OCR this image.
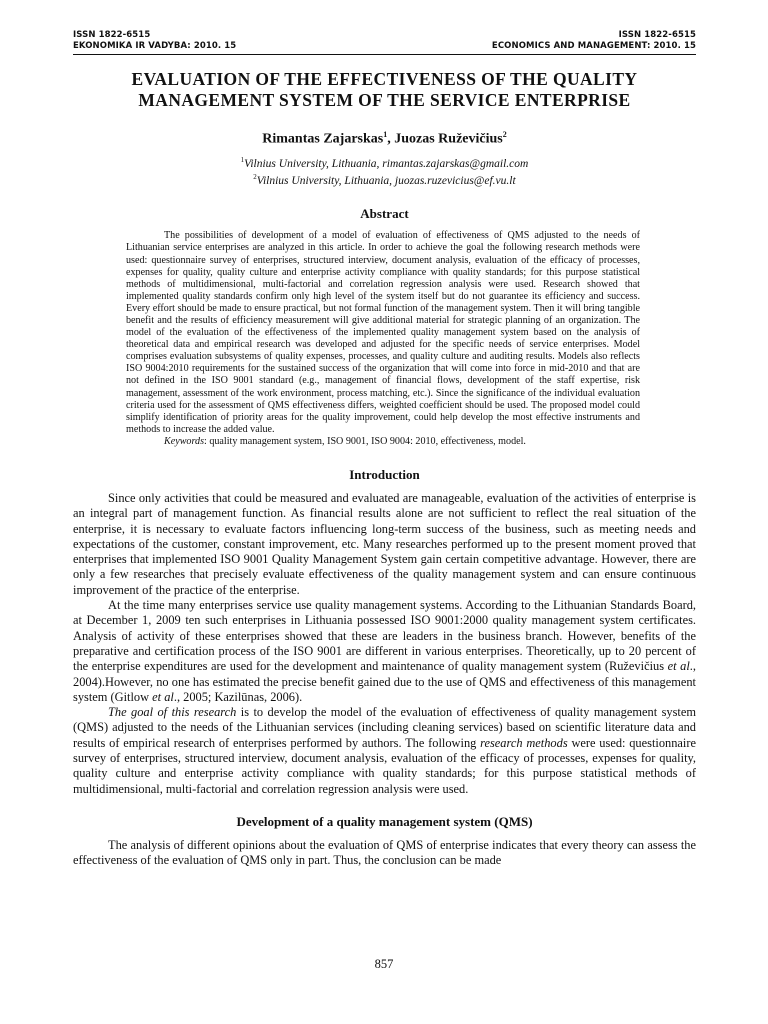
ISSN 1822-6515
EKONOMIKA IR VADYBA: 2010. 15
ISSN 1822-6515
ECONOMICS AND MANAGEMENT: 2010. 15
EVALUATION OF THE EFFECTIVENESS OF THE QUALITY
MANAGEMENT SYSTEM OF THE SERVICE ENTERPRISE
Rimantas Zajarskas$^1$, Juozas Ruževičius$^2$
$^1$Vilnius University, Lithuania, rimantas.zajarskas@gmail.com
$^2$Vilnius University, Lithuania, juozas.ruzevicius@ef.vu.lt
Abstract

The possibilities of development of a model of evaluation of effectiveness of QMS adjusted to the needs of Lithuanian service enterprises are analyzed in this article. In order to achieve the goal the following research methods were used: questionnaire survey of enterprises, structured interview, document analysis, evaluation of the efficacy of processes, expenses for quality, quality culture and enterprise activity compliance with quality standards; for this purpose statistical methods of multidimensional, multi-factorial and correlation regression analysis were used. Research showed that implemented quality standards confirm only high level of the system itself but do not guarantee its efficiency and success. Every effort should be made to ensure practical, but not formal function of the management system. Then it will bring tangible benefit and the results of efficiency measurement will give additional material for strategic planning of an organization. The model of the evaluation of the effectiveness of the implemented quality management system based on the analysis of theoretical data and empirical research was developed and adjusted for the specific needs of service enterprises. Model comprises evaluation subsystems of quality expenses, processes, and quality culture and auditing results. Models also reflects ISO 9004:2010 requirements for the sustained success of the organization that will come into force in mid-2010 and that are not defined in the ISO 9001 standard (e.g., management of financial flows, development of the staff expertise, risk management, assessment of the work environment, process matching, etc.). Since the significance of the individual evaluation criteria used for the assessment of QMS effectiveness differs, weighted coefficient should be used. The proposed model could simplify identification of priority areas for the quality improvement, could help develop the most effective instruments and methods to increase the added value.

Keywords: quality management system, ISO 9001, ISO 9004: 2010, effectiveness, model.
Introduction

Since only activities that could be measured and evaluated are manageable, evaluation of the activities of enterprise is an integral part of management function. As financial results alone are not sufficient to reflect the real situation of the enterprise, it is necessary to evaluate factors influencing long-term success of the business, such as meeting needs and expectations of the customer, constant improvement, etc. Many researches performed up to the present moment proved that enterprises that implemented ISO 9001 Quality Management System gain certain competitive advantage. However, there are only a few researches that precisely evaluate effectiveness of the quality management system and can ensure continuous improvement of the practice of the enterprise.

At the time many enterprises service use quality management systems. According to the Lithuanian Standards Board, at December 1, 2009 ten such enterprises in Lithuania possessed ISO 9001:2000 quality management system certificates. Analysis of activity of these enterprises showed that these are leaders in the business branch. However, benefits of the preparative and certification process of the ISO 9001 are different in various enterprises. Theoretically, up to 20 percent of the enterprise expenditures are used for the development and maintenance of quality management system (Ruževičius et al., 2004).However, no one has estimated the precise benefit gained due to the use of QMS and effectiveness of this management system (Gitlow et al., 2005; Kazilūnas, 2006).

The goal of this research is to develop the model of the evaluation of effectiveness of quality management system (QMS) adjusted to the needs of the Lithuanian services (including cleaning services) based on scientific literature data and results of empirical research of enterprises performed by authors. The following research methods were used: questionnaire survey of enterprises, structured interview, document analysis, evaluation of the efficacy of processes, expenses for quality, quality culture and enterprise activity compliance with quality standards; for this purpose statistical methods of multidimensional, multi-factorial and correlation regression analysis were used.

Development of a quality management system (QMS)

The analysis of different opinions about the evaluation of QMS of enterprise indicates that every theory can assess the effectiveness of the evaluation of QMS only in part. Thus, the conclusion can be made

857
